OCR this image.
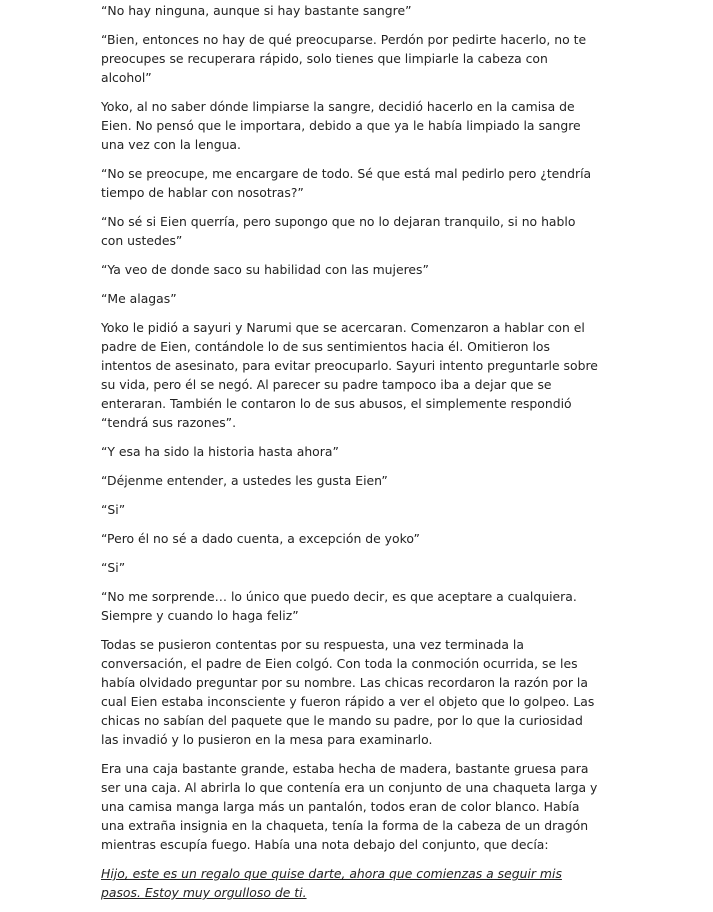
“No hay ninguna, aunque si hay bastante sangre”

“Bien, entonces no hay de qué preocuparse. Perdón por pedirte hacerlo, no te preocupes se recuperara rápido, solo tienes que limpiarle la cabeza con alcohol”

Yoko, al no saber dónde limpiarse la sangre, decidió hacerlo en la camisa de Eien. No pensó que le importara, debido a que ya le había limpiado la sangre una vez con la lengua.

“No se preocupe, me encargare de todo. Sé que está mal pedirlo pero ¿tendría tiempo de hablar con nosotras?”

“No sé si Eien querría, pero supongo que no lo dejaran tranquilo, si no hablo con ustedes”

“Ya veo de donde saco su habilidad con las mujeres”

“Me alagas”

Yoko le pidió a sayuri y Narumi que se acercaran. Comenzaron a hablar con el padre de Eien, contándole lo de sus sentimientos hacia él. Omitieron los intentos de asesinato, para evitar preocuparlo. Sayuri intento preguntarle sobre su vida, pero él se negó. Al parecer su padre tampoco iba a dejar que se enteraran. También le contaron lo de sus abusos, el simplemente respondió “tendrá sus razones”.

“Y esa ha sido la historia hasta ahora”

“Déjenme entender, a ustedes les gusta Eien”

“Si”

“Pero él no sé a dado cuenta, a excepción de yoko”

“Si”

“No me sorprende… lo único que puedo decir, es que aceptare a cualquiera. Siempre y cuando lo haga feliz”

Todas se pusieron contentas por su respuesta, una vez terminada la conversación, el padre de Eien colgó. Con toda la conmoción ocurrida, se les había olvidado preguntar por su nombre. Las chicas recordaron la razón por la cual Eien estaba inconsciente y fueron rápido a ver el objeto que lo golpeo. Las chicas no sabían del paquete que le mando su padre, por lo que la curiosidad las invadió y lo pusieron en la mesa para examinarlo.

Era una caja bastante grande, estaba hecha de madera, bastante gruesa para ser una caja. Al abrirla lo que contenía era un conjunto de una chaqueta larga y una camisa manga larga más un pantalón, todos eran de color blanco. Había una extraña insignia en la chaqueta, tenía la forma de la cabeza de un dragón mientras escupía fuego. Había una nota debajo del conjunto, que decía:

Hijo, este es un regalo que quise darte, ahora que comienzas a seguir mis pasos. Estoy muy orgulloso de ti.
